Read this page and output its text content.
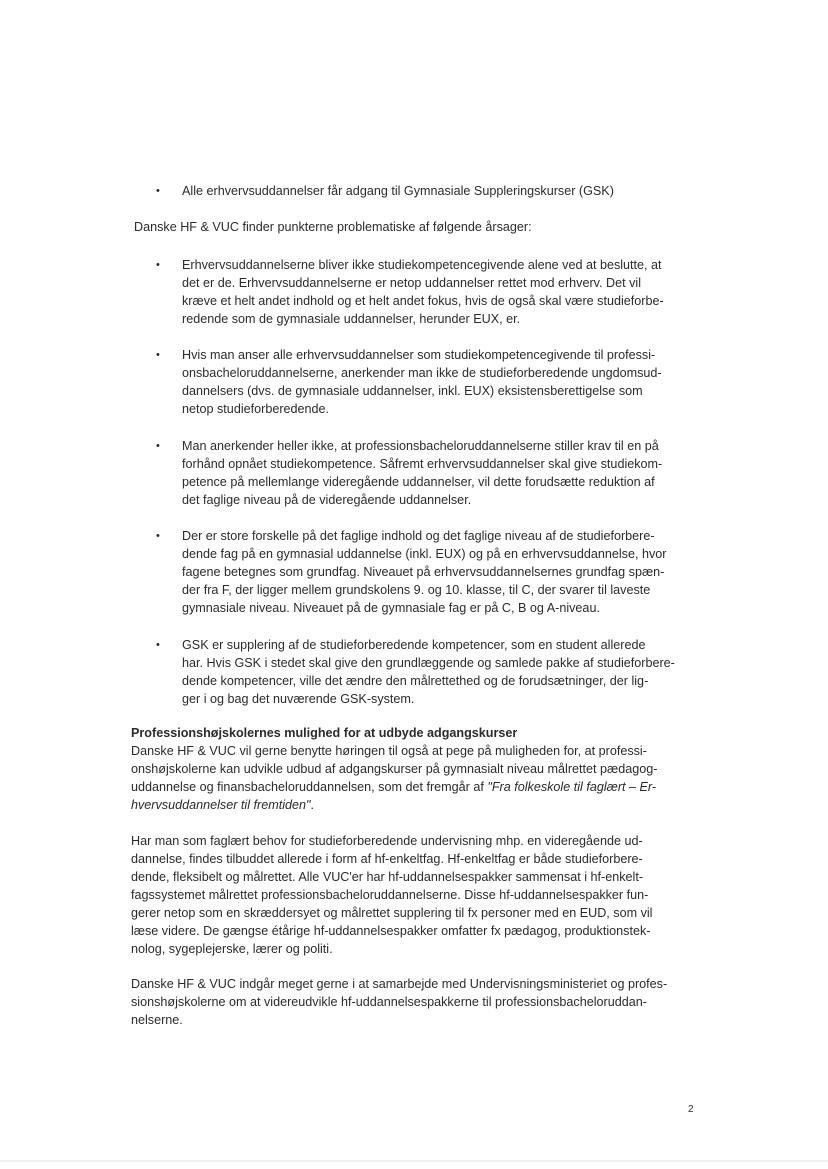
• Alle erhvervsuddannelser får adgang til Gymnasiale Suppleringskurser (GSK)
Danske HF & VUC finder punkterne problematiske af følgende årsager:
• Erhvervsuddannelserne bliver ikke studiekompetencegivende alene ved at beslutte, at
det er de. Erhvervsuddannelserne er netop uddannelser rettet mod erhverv. Det vil
kræve et helt andet indhold og et helt andet fokus, hvis de også skal være studieforbe-
redende som de gymnasiale uddannelser, herunder EUX, er.
• Hvis man anser alle erhvervsuddannelser som studiekompetencegivende til professi-
onsbacheloruddannelserne, anerkender man ikke de studieforberedende ungdomsud-
dannelsers (dvs. de gymnasiale uddannelser, inkl. EUX) eksistensberettigelse som
netop studieforberedende.
• Man anerkender heller ikke, at professionsbacheloruddannelserne stiller krav til en på
forhånd opnået studiekompetence. Såfremt erhvervsuddannelser skal give studiekom-
petence på mellemlange videregående uddannelser, vil dette forudsætte reduktion af
det faglige niveau på de videregående uddannelser.
• Der er store forskelle på det faglige indhold og det faglige niveau af de studieforbere-
dende fag på en gymnasial uddannelse (inkl. EUX) og på en erhvervsuddannelse, hvor
fagene betegnes som grundfag. Niveauet på erhvervsuddannelsernes grundfag spæn-
der fra F, der ligger mellem grundskolens 9. og 10. klasse, til C, der svarer til laveste
gymnasiale niveau. Niveauet på de gymnasiale fag er på C, B og A-niveau.
• GSK er supplering af de studieforberedende kompetencer, som en student allerede
har. Hvis GSK i stedet skal give den grundlæggende og samlede pakke af studieforbere-
dende kompetencer, ville det ændre den målrettethed og de forudsætninger, der lig-
ger i og bag det nuværende GSK-system.
Professionshøjskolernes mulighed for at udbyde adgangskurser
Danske HF & VUC vil gerne benytte høringen til også at pege på muligheden for, at professi-
onshøjskolerne kan udvikle udbud af adgangskurser på gymnasialt niveau målrettet pædagog-
uddannelse og finansbacheloruddannelsen, som det fremgår af "Fra folkeskole til faglært – Er-
hvervsuddannelser til fremtiden".
Har man som faglært behov for studieforberedende undervisning mhp. en videregående ud-
dannelse, findes tilbuddet allerede i form af hf-enkeltfag. Hf-enkeltfag er både studieforbere-
dende, fleksibelt og målrettet. Alle VUC'er har hf-uddannelsespakker sammensat i hf-enkelt-
fagssystemet målrettet professionsbacheloruddannelserne. Disse hf-uddannelsespakker fun-
gerer netop som en skræddersyet og målrettet supplering til fx personer med en EUD, som vil
læse videre. De gængse étårige hf-uddannelsespakker omfatter fx pædagog, produktionstek-
nolog, sygeplejerske, lærer og politi.
Danske HF & VUC indgår meget gerne i at samarbejde med Undervisningsministeriet og profes-
sionshøjskolerne om at videreudvikle hf-uddannelsespakkerne til professionsbacheloruddan-
nelserne.
2
